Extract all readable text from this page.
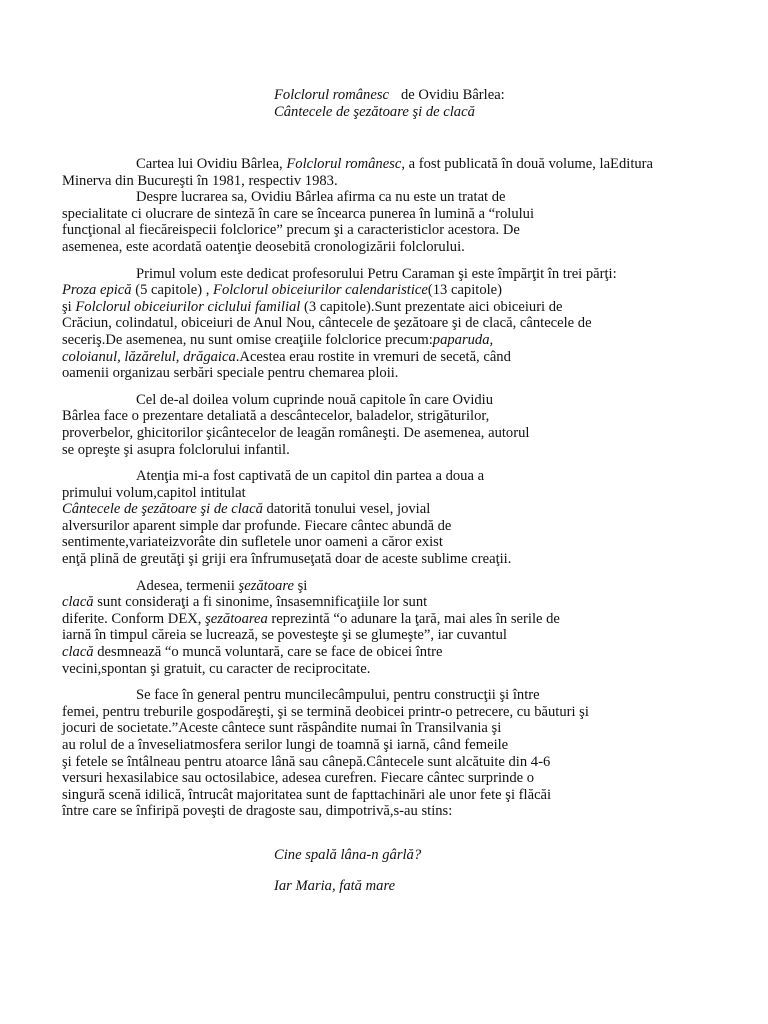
Folclorul românesc de Ovidiu Bârlea:
Cântecele de şezătoare şi de clacă
Cartea lui Ovidiu Bârlea, Folclorul românesc, a fost publicată în două volume, laEditura
Minerva din Bucureşti în 1981, respectiv 1983.
Despre lucrarea sa, Ovidiu Bârlea afirma ca nu este un tratat de
specialitate ci olucrare de sinteză în care se încearca punerea în lumină a “rolului
funcţional al fiecăreispecii folclorice” precum şi a caracteristiclor acestora. De
asemenea, este acordată oatenţie deosebită cronologizării folclorului.
Primul volum este dedicat profesorului Petru Caraman şi este împărţit în trei părţi:
Proza epică (5 capitole) , Folclorul obiceiurilor calendaristice(13 capitole)
şi Folclorul obiceiurilor ciclului familial (3 capitole).Sunt prezentate aici obiceiuri de
Crăciun, colindatul, obiceiuri de Anul Nou, cântecele de şezătoare şi de clacă, cântecele de
seceriş.De asemenea, nu sunt omise creaţiile folclorice precum:paparuda,
coloianul, lăzărelul, drăgaica.Acestea erau rostite in vremuri de secetă, când
oamenii organizau serbări speciale pentru chemarea ploii.
Cel de-al doilea volum cuprinde nouă capitole în care Ovidiu
Bârlea face o prezentare detaliată a descântecelor, baladelor, strigăturilor,
proverbelor, ghicitorilor şicântecelor de leagăn româneşti. De asemenea, autorul
se opreşte şi asupra folclorului infantil.
Atenţia mi-a fost captivată de un capitol din partea a doua a
primului volum,capitol intitulat
Cântecele de şezătoare şi de clacă datorită tonului vesel, jovial
alversurilor aparent simple dar profunde. Fiecare cântec abundă de
sentimente,variateizvorâte din sufletele unor oameni a căror exist
enţă plină de greutăţi şi griji era înfrumuseţată doar de aceste sublime creaţii.
Adesea, termenii şezătoare şi
clacă sunt consideraţi a fi sinonime, însasemnificaţiile lor sunt
diferite. Conform DEX, şezătoarea reprezintă “o adunare la ţară, mai ales în serile de
iarnă în timpul căreia se lucrează, se povesteşte şi se glumeşte”, iar cuvantul
clacă desmnează “o muncă voluntară, care se face de obicei între
vecini,spontan şi gratuit, cu caracter de reciprocitate.
Se face în general pentru muncilecâmpului, pentru construcţii şi între
femei, pentru treburile gospodăreşti, şi se termină deobicei printr-o petrecere, cu băuturi şi
jocuri de societate.”Aceste cântece sunt răspândite numai în Transilvania şi
au rolul de a înveseliatmosfera serilor lungi de toamnă şi iarnă, când femeile
şi fetele se întâlneau pentru atoarce lână sau cânepă.Cântecele sunt alcătuite din 4-6
versuri hexasilabice sau octosilabice, adesea curefren. Fiecare cântec surprinde o
singură scenă idilică, întrucât majoritatea sunt de fapttachinări ale unor fete şi flăcăi
între care se înfiripă poveşti de dragoste sau, dimpotrivă,s-au stins:
Cine spală lâna-n gârlă?
Iar Maria, fată mare
